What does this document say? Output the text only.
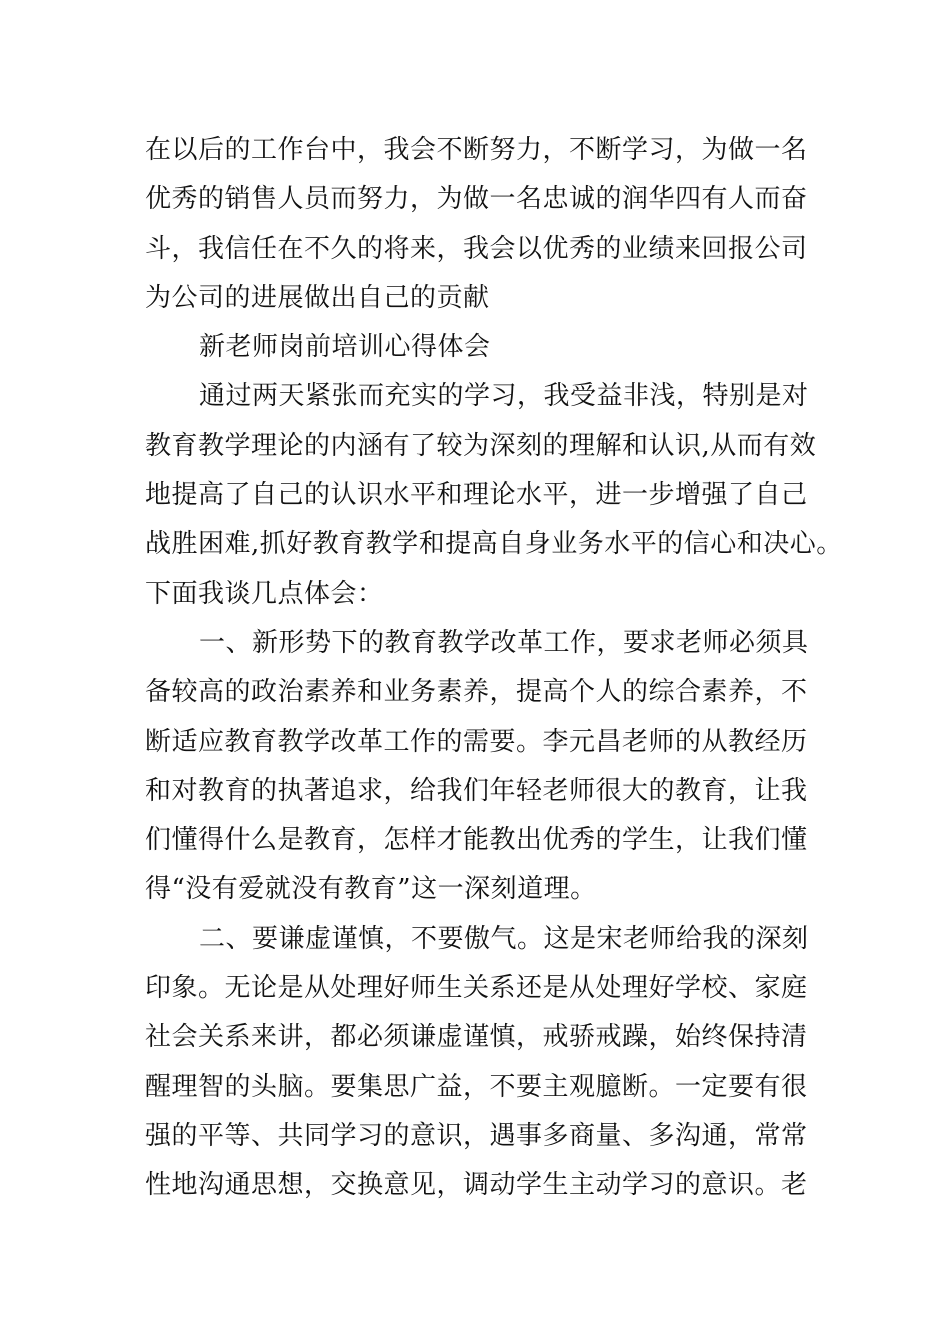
在以后的工作台中，我会不断努力，不断学习，为做一名
优秀的销售人员而努力，为做一名忠诚的润华四有人而奋
斗，我信任在不久的将来，我会以优秀的业绩来回报公司
为公司的进展做出自己的贡献
新老师岗前培训心得体会
通过两天紧张而充实的学习，我受益非浅，特别是对
教育教学理论的内涵有了较为深刻的理解和认识,从而有效
地提高了自己的认识水平和理论水平，进一步增强了自己
战胜困难,抓好教育教学和提高自身业务水平的信心和决心。
下面我谈几点体会：
一、新形势下的教育教学改革工作，要求老师必须具
备较高的政治素养和业务素养，提高个人的综合素养，不
断适应教育教学改革工作的需要。李元昌老师的从教经历
和对教育的执著追求，给我们年轻老师很大的教育，让我
们懂得什么是教育，怎样才能教出优秀的学生，让我们懂
得“没有爱就没有教育”这一深刻道理。
二、要谦虚谨慎，不要傲气。这是宋老师给我的深刻
印象。无论是从处理好师生关系还是从处理好学校、家庭
社会关系来讲，都必须谦虚谨慎，戒骄戒躁，始终保持清
醒理智的头脑。要集思广益，不要主观臆断。一定要有很
强的平等、共同学习的意识，遇事多商量、多沟通，常常
性地沟通思想，交换意见，调动学生主动学习的意识。老
